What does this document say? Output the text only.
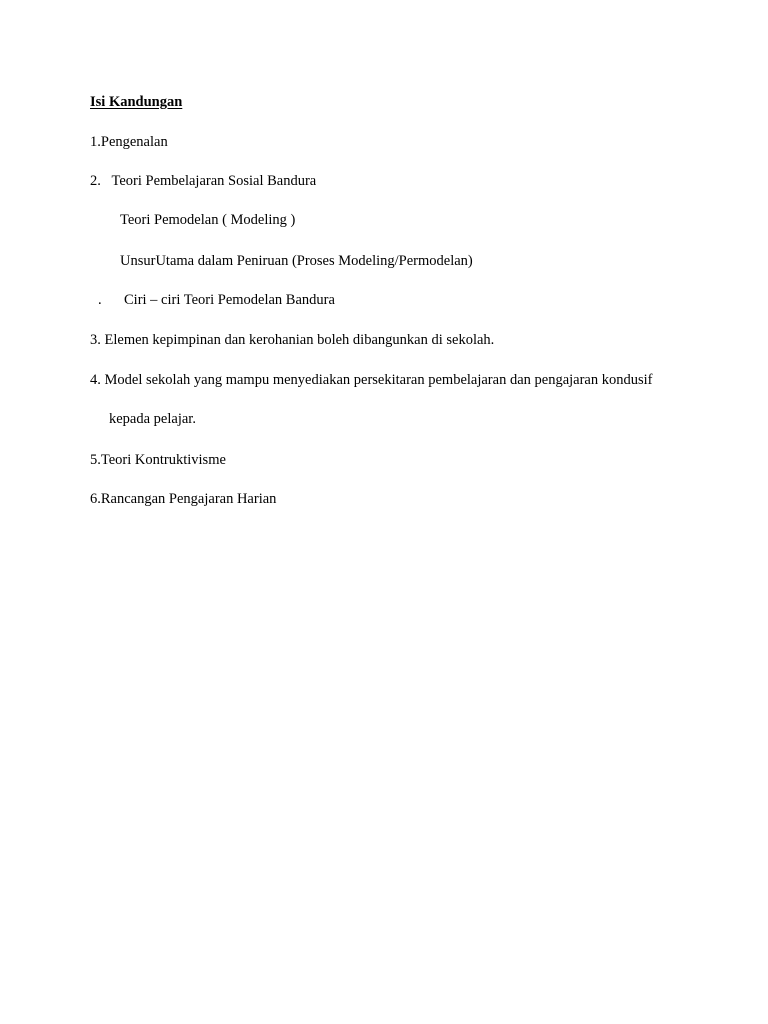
Isi Kandungan
1.Pengenalan
2.   Teori Pembelajaran Sosial Bandura
Teori Pemodelan ( Modeling )
UnsurUtama dalam Peniruan (Proses Modeling/Permodelan)
. Ciri – ciri Teori Pemodelan Bandura
3. Elemen kepimpinan dan kerohanian boleh dibangunkan di sekolah.
4. Model sekolah yang mampu menyediakan persekitaran pembelajaran dan pengajaran kondusif
kepada pelajar.
5.Teori Kontruktivisme
6.Rancangan Pengajaran Harian
